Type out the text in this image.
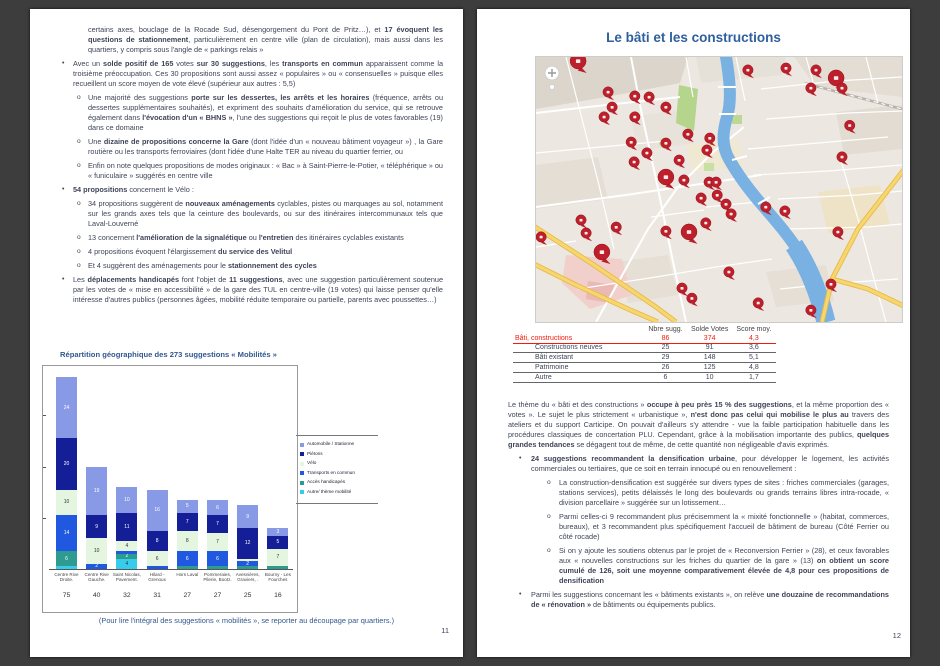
certains axes, bouclage de la Rocade Sud, désengorgement du Pont de Pritz…), et 17 évoquent les questions de stationnement, particulièrement en centre ville (plan de circulation), mais aussi dans les quartiers, y compris sous l'angle de « parkings relais »
• Avec un solde positif de 165 votes sur 30 suggestions, les transports en commun apparaissent comme la troisième préoccupation. Ces 30 propositions sont aussi assez « populaires » ou « consensuelles » puisque elles recueillent un score moyen de vote élevé (supérieur aux autres : 5,5)
o Une majorité des suggestions porte sur les dessertes, les arrêts et les horaires (fréquence, arrêts ou dessertes supplémentaires souhaités), et expriment des souhaits d'amélioration du service, qui se retrouve également dans l'évocation d'un « BHNS », l'une des suggestions qui reçoit le plus de votes favorables (19) dans ce domaine
o Une dizaine de propositions concerne la Gare (dont l'idée d'un « nouveau bâtiment voyageur ») , la Gare routière ou les transports ferroviaires (dont l'idée d'une Halte TER au niveau du quartier ferrier, ou
o Enfin on note quelques propositions de modes originaux : « Bac » à Saint-Pierre-le-Potier, « téléphérique » ou « funiculaire » suggérés en centre ville
• 54 propositions concernent le Vélo :
o 34 propositions suggèrent de nouveaux aménagements cyclables, pistes ou marquages au sol, notamment sur les grands axes tels que la ceinture des boulevards, ou sur des itinéraires intercommunaux tels que Laval-Louverné
o 13 concernent l'amélioration de la signalétique ou l'entretien des itinéraires cyclables existants
o 4 propositions évoquent l'élargissement du service des Velitul
o Et 4 suggèrent des aménagements pour le stationnement des cycles
• Les déplacements handicapés font l'objet de 11 suggestions, avec une suggestion particulièrement soutenue par les votes de « mise en accessibilité » de la gare des TUL en centre-ville (19 votes) qui laisse penser qu'elle intéresse d'autres publics (personnes âgées, mobilité réduite temporaire ou partielle, parents avec poussettes…)
Répartition géographique des 273 suggestions « Mobilités »
6
14
10
20
24
Centre Rive
Droite.
75
2
10
9
19
Centre Rive
Gauche.
40
4
2
4
11
10
Saint Nicolas,
Pavement.
32
6
8
16
Hilard -
Grenoux
31
6
8
7
5
Hors Laval
27
6
7
7
6
Pommeraies,
Pilerie, Bootz.
27
2
12
9
Avesnières,
Graviers, .
25
7
5
3
Bourny - Les
Fourches
16
Automobile / Stationne
Piétons
Vélo
Transports en commun
Accès handicapés
Autre/ thème mobilité
(Pour lire l'intégral des suggestions « mobilités », se reporter au découpage par quartiers.)
11
Le bâti et les constructions
	Nbre sugg.	Solde Votes	Score moy.
Bâti, constructions	86	374	4,3
Constructions neuves	25	91	3,6
Bâti existant	29	148	5,1
Patrimoine	26	125	4,8
Autre	6	10	1,7
Le thème du « bâti et des constructions » occupe à peu près 15 % des suggestions, et la même proportion des « votes ». Le sujet le plus strictement « urbanistique », n'est donc pas celui qui mobilise le plus au travers des ateliers et du support Carticipe. On pouvait d'ailleurs s'y attendre - vue la faible participation habituelle dans les procédures classiques de concertation PLU. Cependant, grâce à la mobilisation importante des publics, quelques grandes tendances se dégagent tout de même, de cette quantité non négligeable d'avis exprimés.
• 24 suggestions recommandent la densification urbaine, pour développer le logement, les activités commerciales ou tertiaires, que ce soit en terrain innocupé ou en renouvellement :
o La construction-densification est suggérée sur divers types de sites : friches commerciales (garages, stations services), petits délaissés le long des boulevards ou grands terrains libres intra-rocade, « division parcellaire » suggérée sur un lotissement…
o Parmi celles-ci 9 recommandent plus précisemment la « mixité fonctionnelle » (habitat, commerces, bureaux), et 3 recommandent plus spécifiquement l'accueil de bâtiment de bureau (Côté Ferrier ou côté rocade)
o Si on y ajoute les soutiens obtenus par le projet de « Reconversion Ferrier » (28), et ceux favorables aux « nouvelles constructions sur les friches du quartier de la gare » (13) on obtient un score cumulé de 126, soit une moyenne comparativement élevée de 4,8 pour ces propositions de densification
• Parmi les suggestions concernant les « bâtiments existants », on relève une douzaine de recommandations de « rénovation » de bâtiments ou équipements publics.
12
